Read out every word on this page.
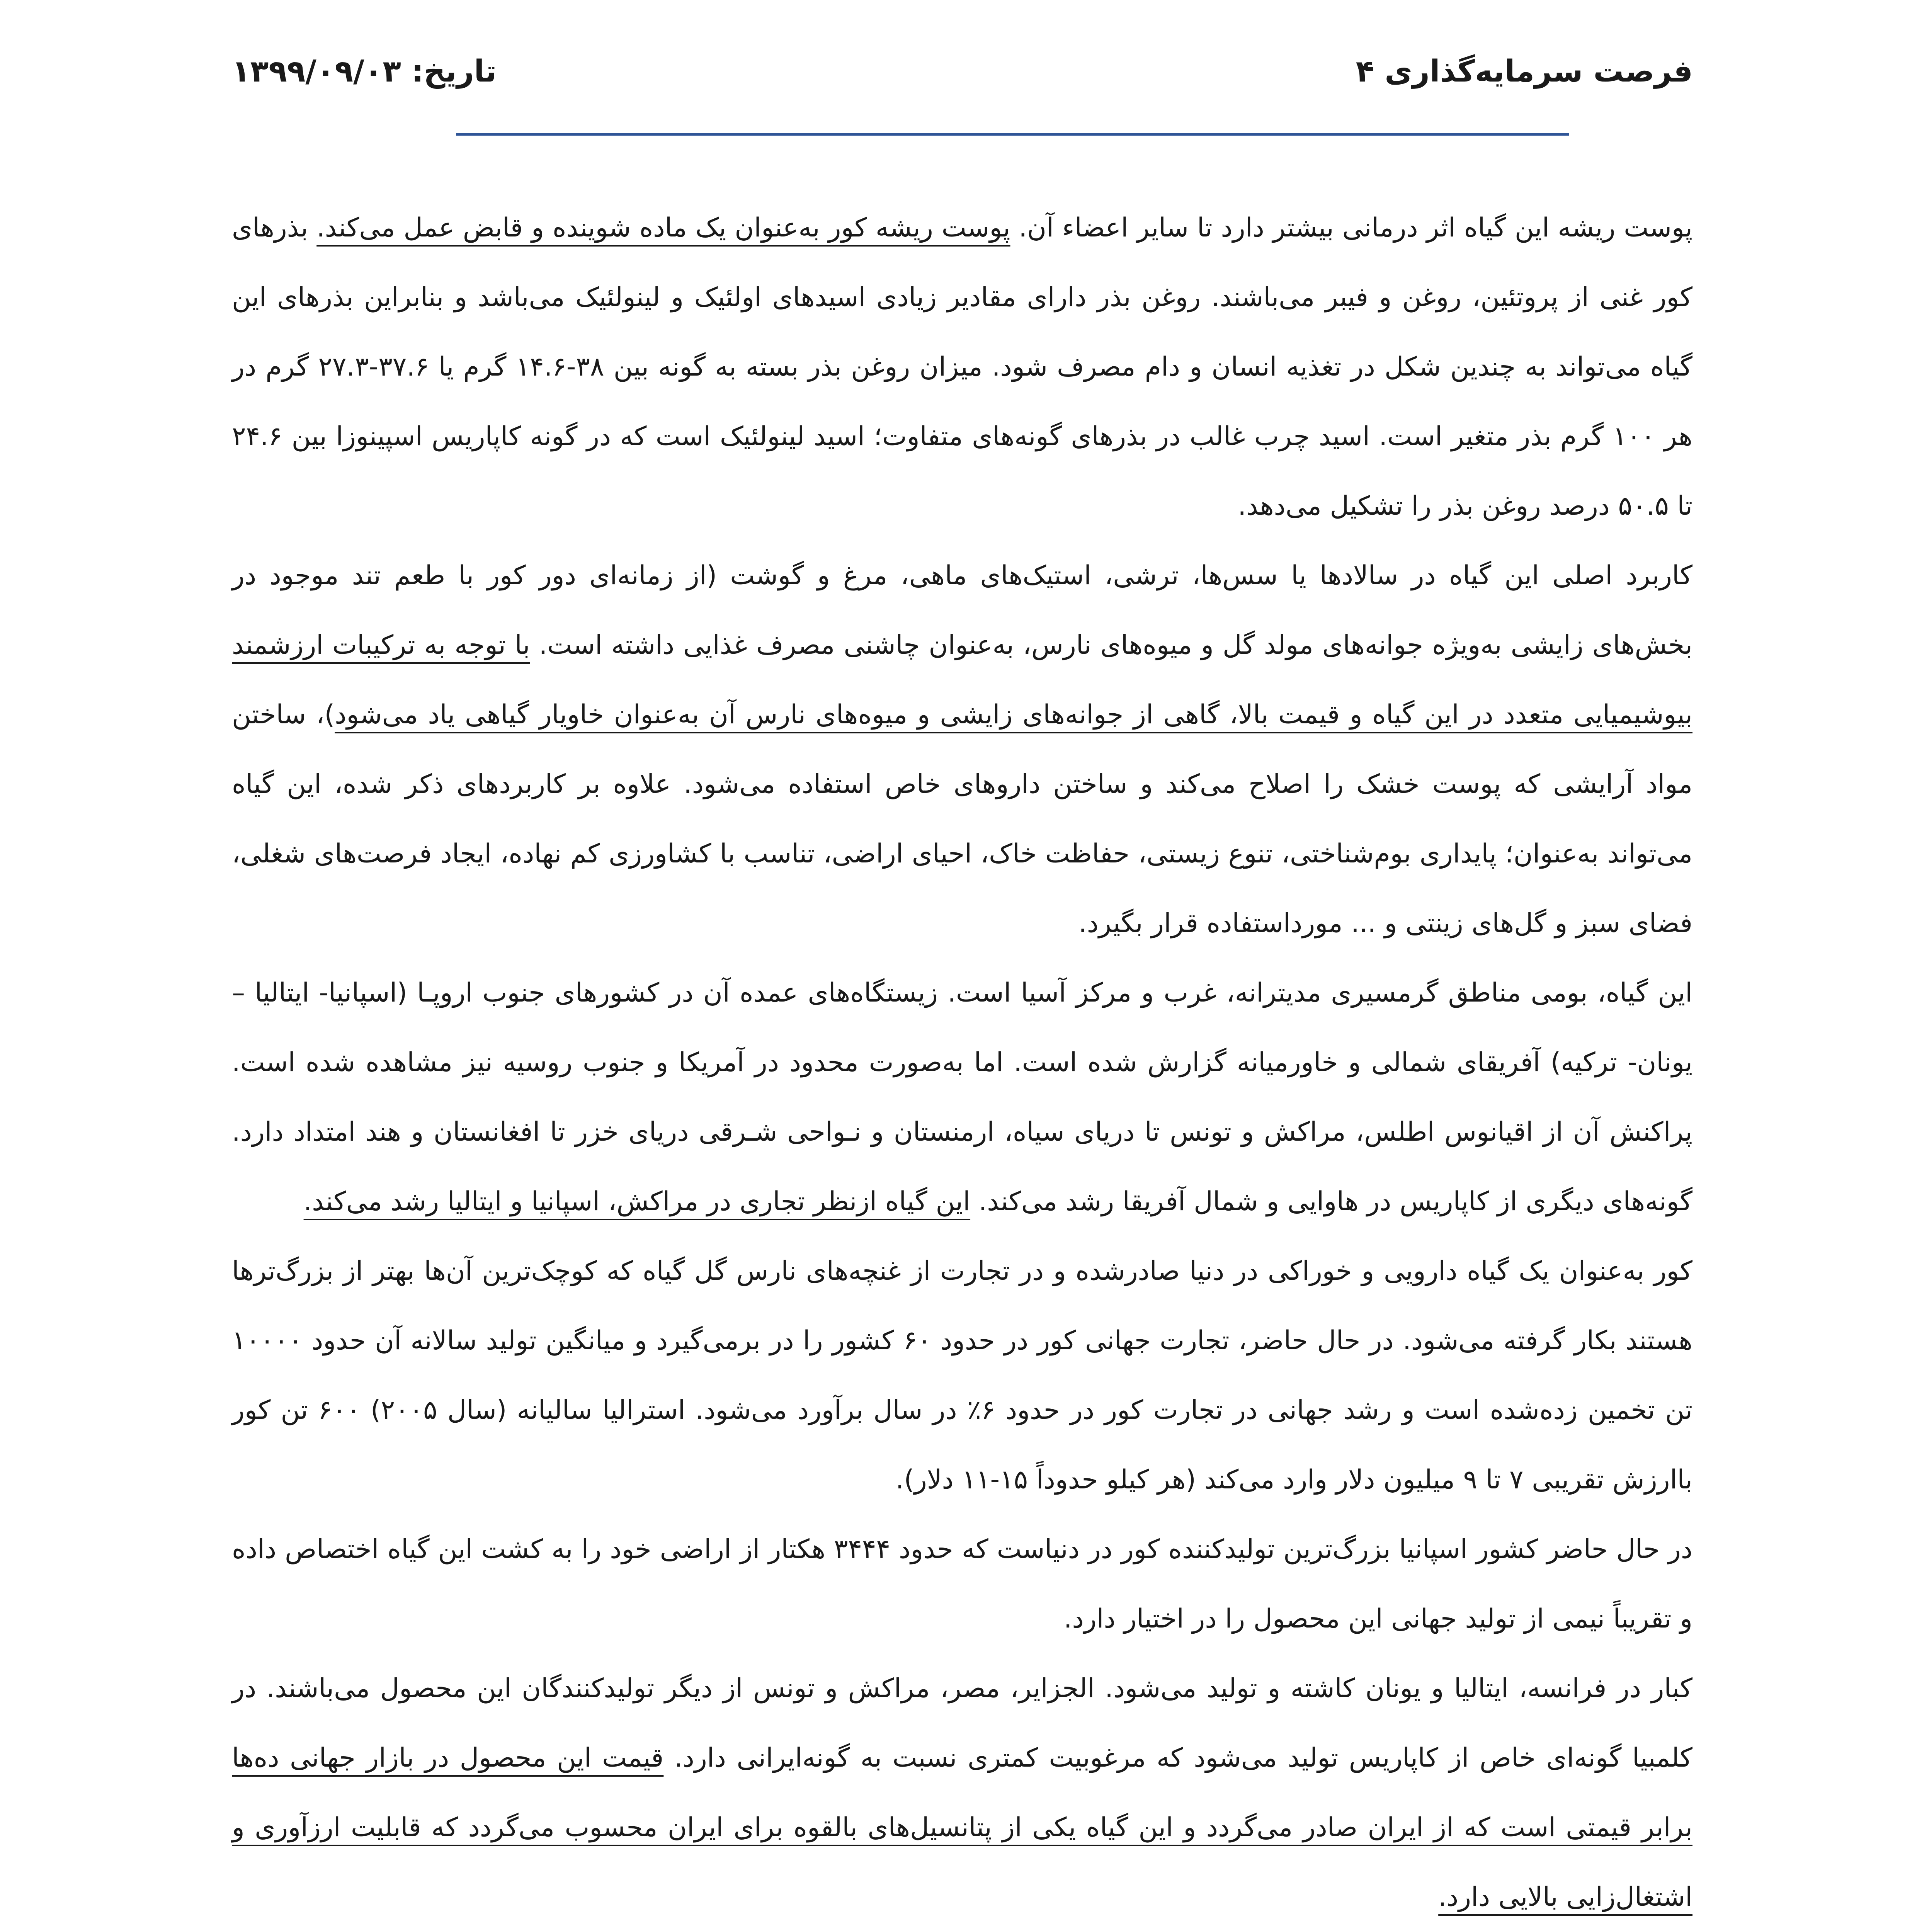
فرصت سرمایه‌گذاری ۴
تاریخ: ۱۳۹۹/۰۹/۰۳

پوست ریشه این گیاه اثر درمانی بیشتر دارد تا سایر اعضاء آن. پوست ریشه کور به‌عنوان یک ماده شوینده و قابض عمل می‌کند. بذرهای کور غنی از پروتئین، روغن و فیبر می‌باشند. روغن بذر دارای مقادیر زیادی اسیدهای اولئیک و لینولئیک می‌باشد و بنابراین بذرهای این گیاه می‌تواند به چندین شکل در تغذیه انسان و دام مصرف شود. میزان روغن بذر بسته به گونه بین ۳۸-۱۴.۶ گرم یا ۳۷.۶-۲۷.۳ گرم در هر ۱۰۰ گرم بذر متغیر است. اسید چرب غالب در بذرهای گونه‌های متفاوت؛ اسید لینولئیک است که در گونه کاپاریس اسپینوزا بین ۲۴.۶ تا ۵۰.۵ درصد روغن بذر را تشکیل می‌دهد.

کاربرد اصلی این گیاه در سالادها یا سس‌ها، ترشی، استیک‌های ماهی، مرغ و گوشت (از زمانه‌ای دور کور با طعم تند موجود در بخش‌های زایشی به‌ویژه جوانه‌های مولد گل و میوه‌های نارس، به‌عنوان چاشنی مصرف غذایی داشته است. با توجه به ترکیبات ارزشمند بیوشیمیایی متعدد در این گیاه و قیمت بالا، گاهی از جوانه‌های زایشی و میوه‌های نارس آن به‌عنوان خاویار گیاهی یاد می‌شود)، ساختن مواد آرایشی که پوست خشک را اصلاح می‌کند و ساختن داروهای خاص استفاده می‌شود. علاوه بر کاربردهای ذکر شده، این گیاه می‌تواند به‌عنوان؛ پایداری بوم‌شناختی، تنوع زیستی، حفاظت خاک، احیای اراضی، تناسب با کشاورزی کم نهاده، ایجاد فرصت‌های شغلی، فضای سبز و گل‌های زینتی و ... مورداستفاده قرار بگیرد.

این گیاه، بومی مناطق گرمسیری مدیترانه، غرب و مرکز آسیا است. زیستگاه‌های عمده آن در کشورهای جنوب اروپـا (اسپانیا- ایتالیا – یونان- ترکیه) آفریقای شمالی و خاورمیانه گزارش شده است. اما به‌صورت محدود در آمریکا و جنوب روسیه نیز مشاهده شده است. پراکنش آن از اقیانوس اطلس، مراکش و تونس تا دریای سیاه، ارمنستان و نـواحی شـرقی دریای خزر تا افغانستان و هند امتداد دارد. گونه‌های دیگری از کاپاریس در هاوایی و شمال آفریقا رشد می‌کند. این گیاه ازنظر تجاری در مراکش، اسپانیا و ایتالیا رشد می‌کند.

کور به‌عنوان یک گیاه دارویی و خوراکی در دنیا صادرشده و در تجارت از غنچه‌های نارس گل گیاه که کوچک‌ترین آن‌ها بهتر از بزرگ‌ترها هستند بکار گرفته می‌شود. در حال حاضر، تجارت جهانی کور در حدود ۶۰ کشور را در برمی‌گیرد و میانگین تولید سالانه آن حدود ۱۰۰۰۰ تن تخمین زده‌شده است و رشد جهانی در تجارت کور در حدود ۶٪ در سال برآورد می‌شود. استرالیا سالیانه (سال ۲۰۰۵) ۶۰۰ تن کور باارزش تقریبی ۷ تا ۹ میلیون دلار وارد می‌کند (هر کیلو حدوداً ۱۵-۱۱ دلار).

در حال حاضر کشور اسپانیا بزرگ‌ترین تولیدکننده کور در دنیاست که حدود ۳۴۴۴ هکتار از اراضی خود را به کشت این گیاه اختصاص داده و تقریباً نیمی از تولید جهانی این محصول را در اختیار دارد.

کبار در فرانسه، ایتالیا و یونان کاشته و تولید می‌شود. الجزایر، مصر، مراکش و تونس از دیگر تولیدکنندگان این محصول می‌باشند. در کلمبیا گونه‌ای خاص از کاپاریس تولید می‌شود که مرغوبیت کمتری نسبت به گونه‌ایرانی دارد. قیمت این محصول در بازار جهانی ده‌ها برابر قیمتی است که از ایران صادر می‌گردد و این گیاه یکی از پتانسیل‌های بالقوه برای ایران محسوب می‌گردد که قابلیت ارزآوری و اشتغال‌زایی بالایی دارد.
